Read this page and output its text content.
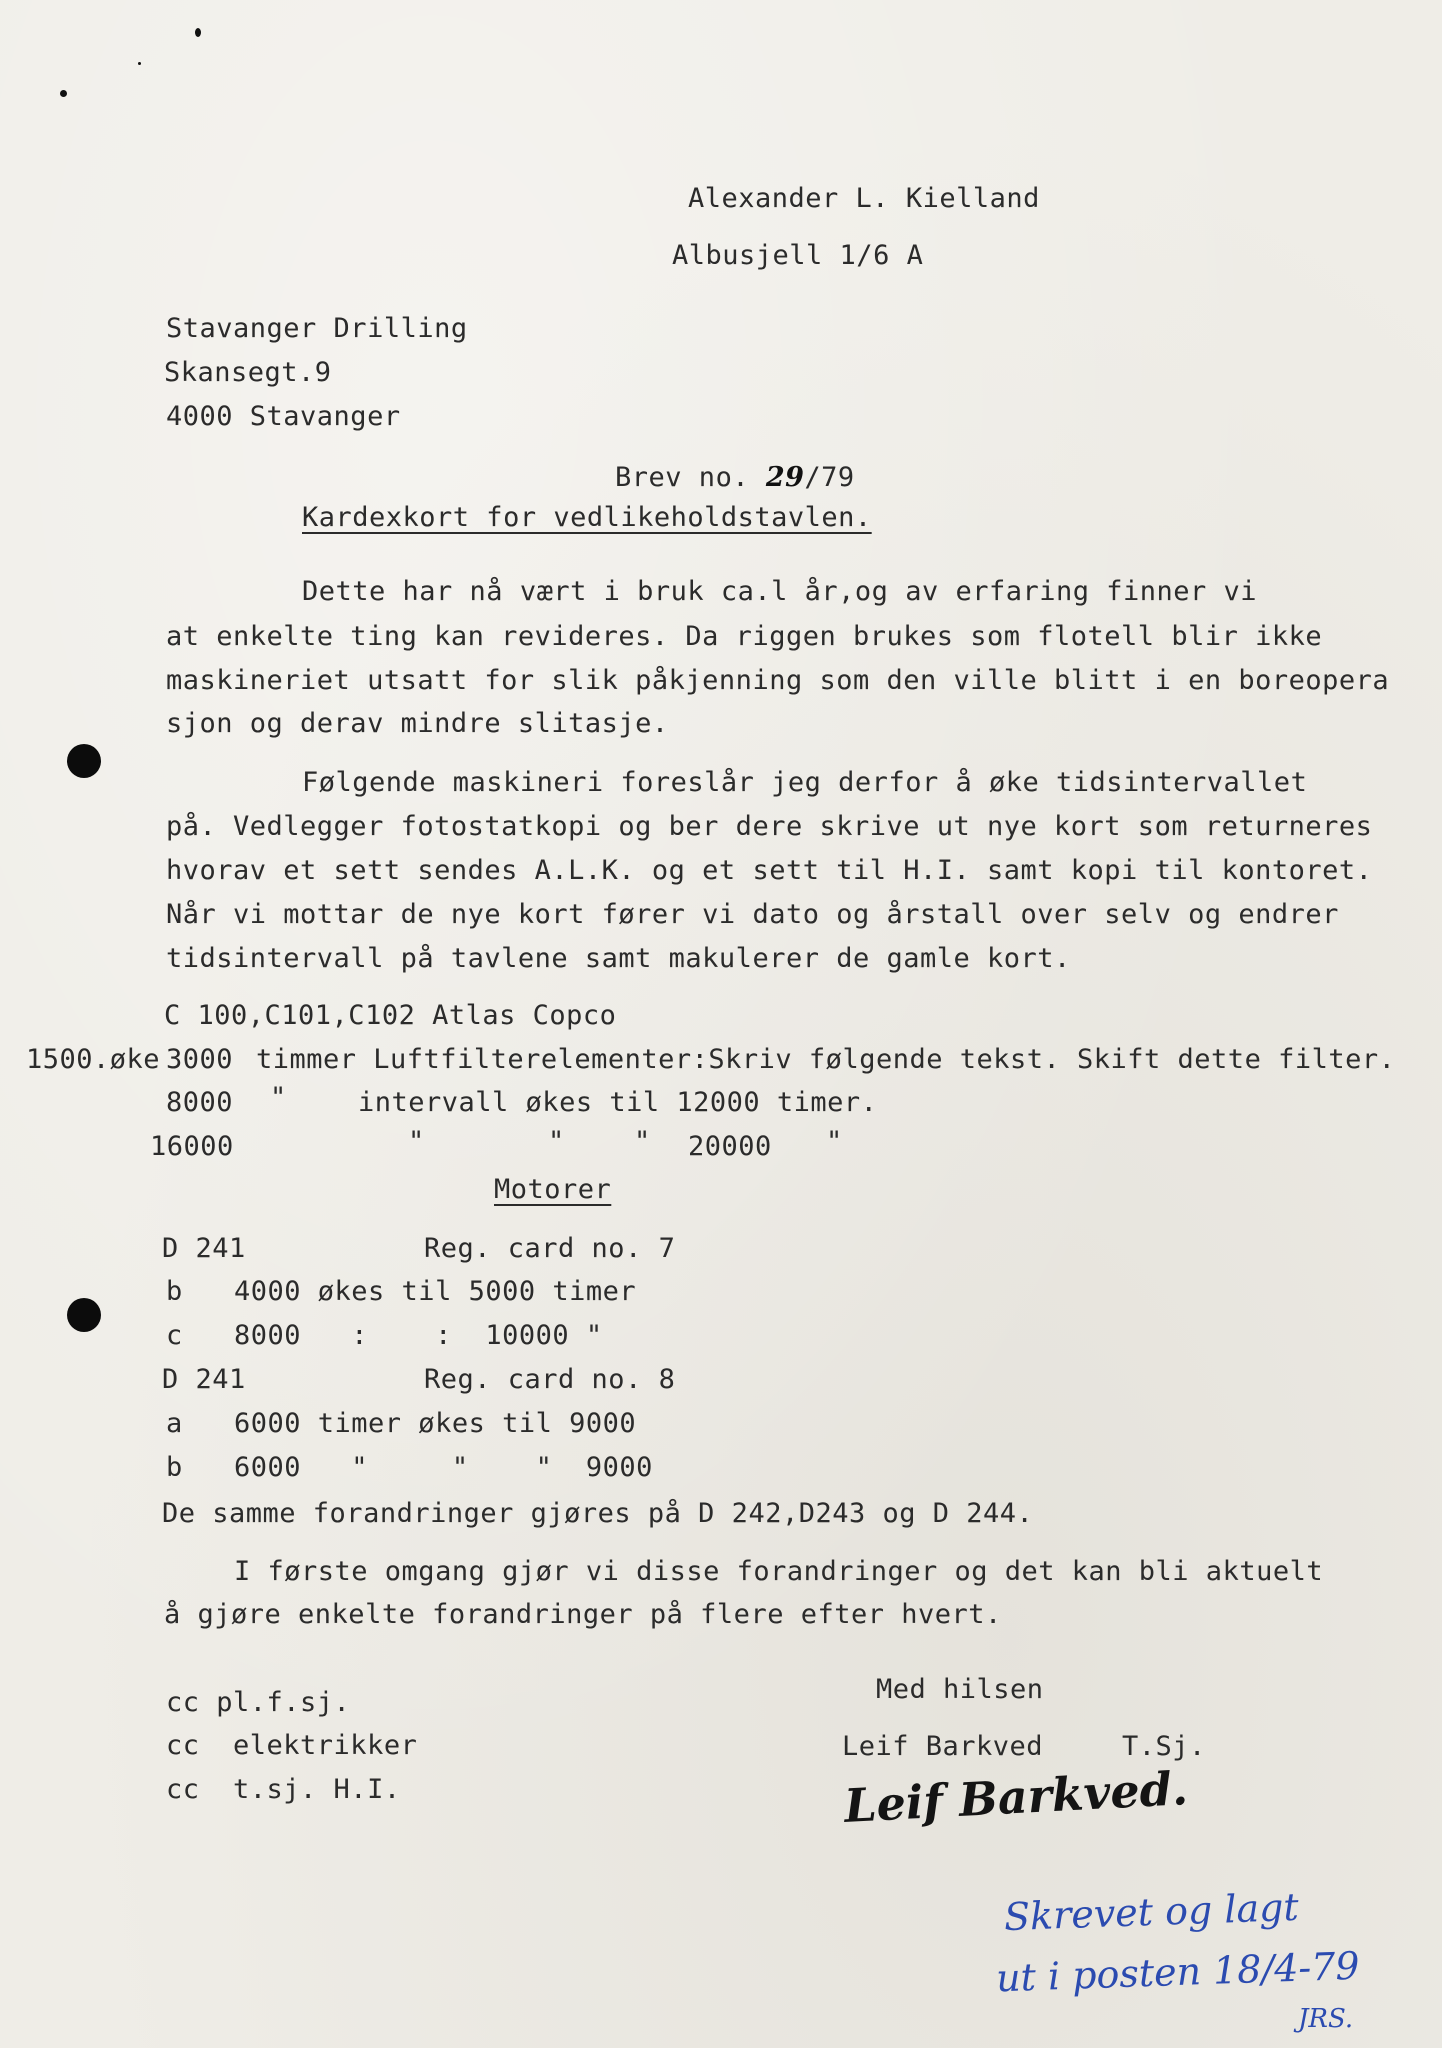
Alexander L. Kielland
Albusjell 1/6 A
Stavanger Drilling
Skansegt.9
4000 Stavanger

Brev no. 29/79

Kardexkort for vedlikeholdstavlen.
Dette har nå vært i bruk ca.l år,og av erfaring finner vi
at enkelte ting kan revideres. Da riggen brukes som flotell blir ikke
maskineriet utsatt for slik påkjenning som den ville blitt i en boreopera
sjon og derav mindre slitasje.
Følgende maskineri foreslår jeg derfor å øke tidsintervallet
på. Vedlegger fotostatkopi og ber dere skrive ut nye kort som returneres
hvorav et sett sendes A.L.K. og et sett til H.I. samt kopi til kontoret.
Når vi mottar de nye kort fører vi dato og årstall over selv og endrer
tidsintervall på tavlene samt makulerer de gamle kort.
C 100,C101,C102 Atlas Copco
1500.øke 3000 timmer Luftfilterelementer:Skriv følgende tekst. Skift dette filter.
8000 "	intervall økes til 12000 timer.
16000	"	"	" 20000 "
Motorer
D 241	Reg. card no. 7
b 4000 økes til 5000 timer
c 8000   :    :  10000 "
D 241	Reg. card no. 8
a 6000 timer økes til 9000
b 6000   "     "    "  9000
De samme forandringer gjøres på D 242,D243 og D 244.
I første omgang gjør vi disse forandringer og det kan bli aktuelt
å gjøre enkelte forandringer på flere efter hvert.
cc pl.f.sj.
cc  elektrikker
cc  t.sj. H.I.
Med hilsen
Leif Barkved	T.Sj.
Leif Barkved.
Skrevet og lagt
ut i posten 18/4-79
JRS.
